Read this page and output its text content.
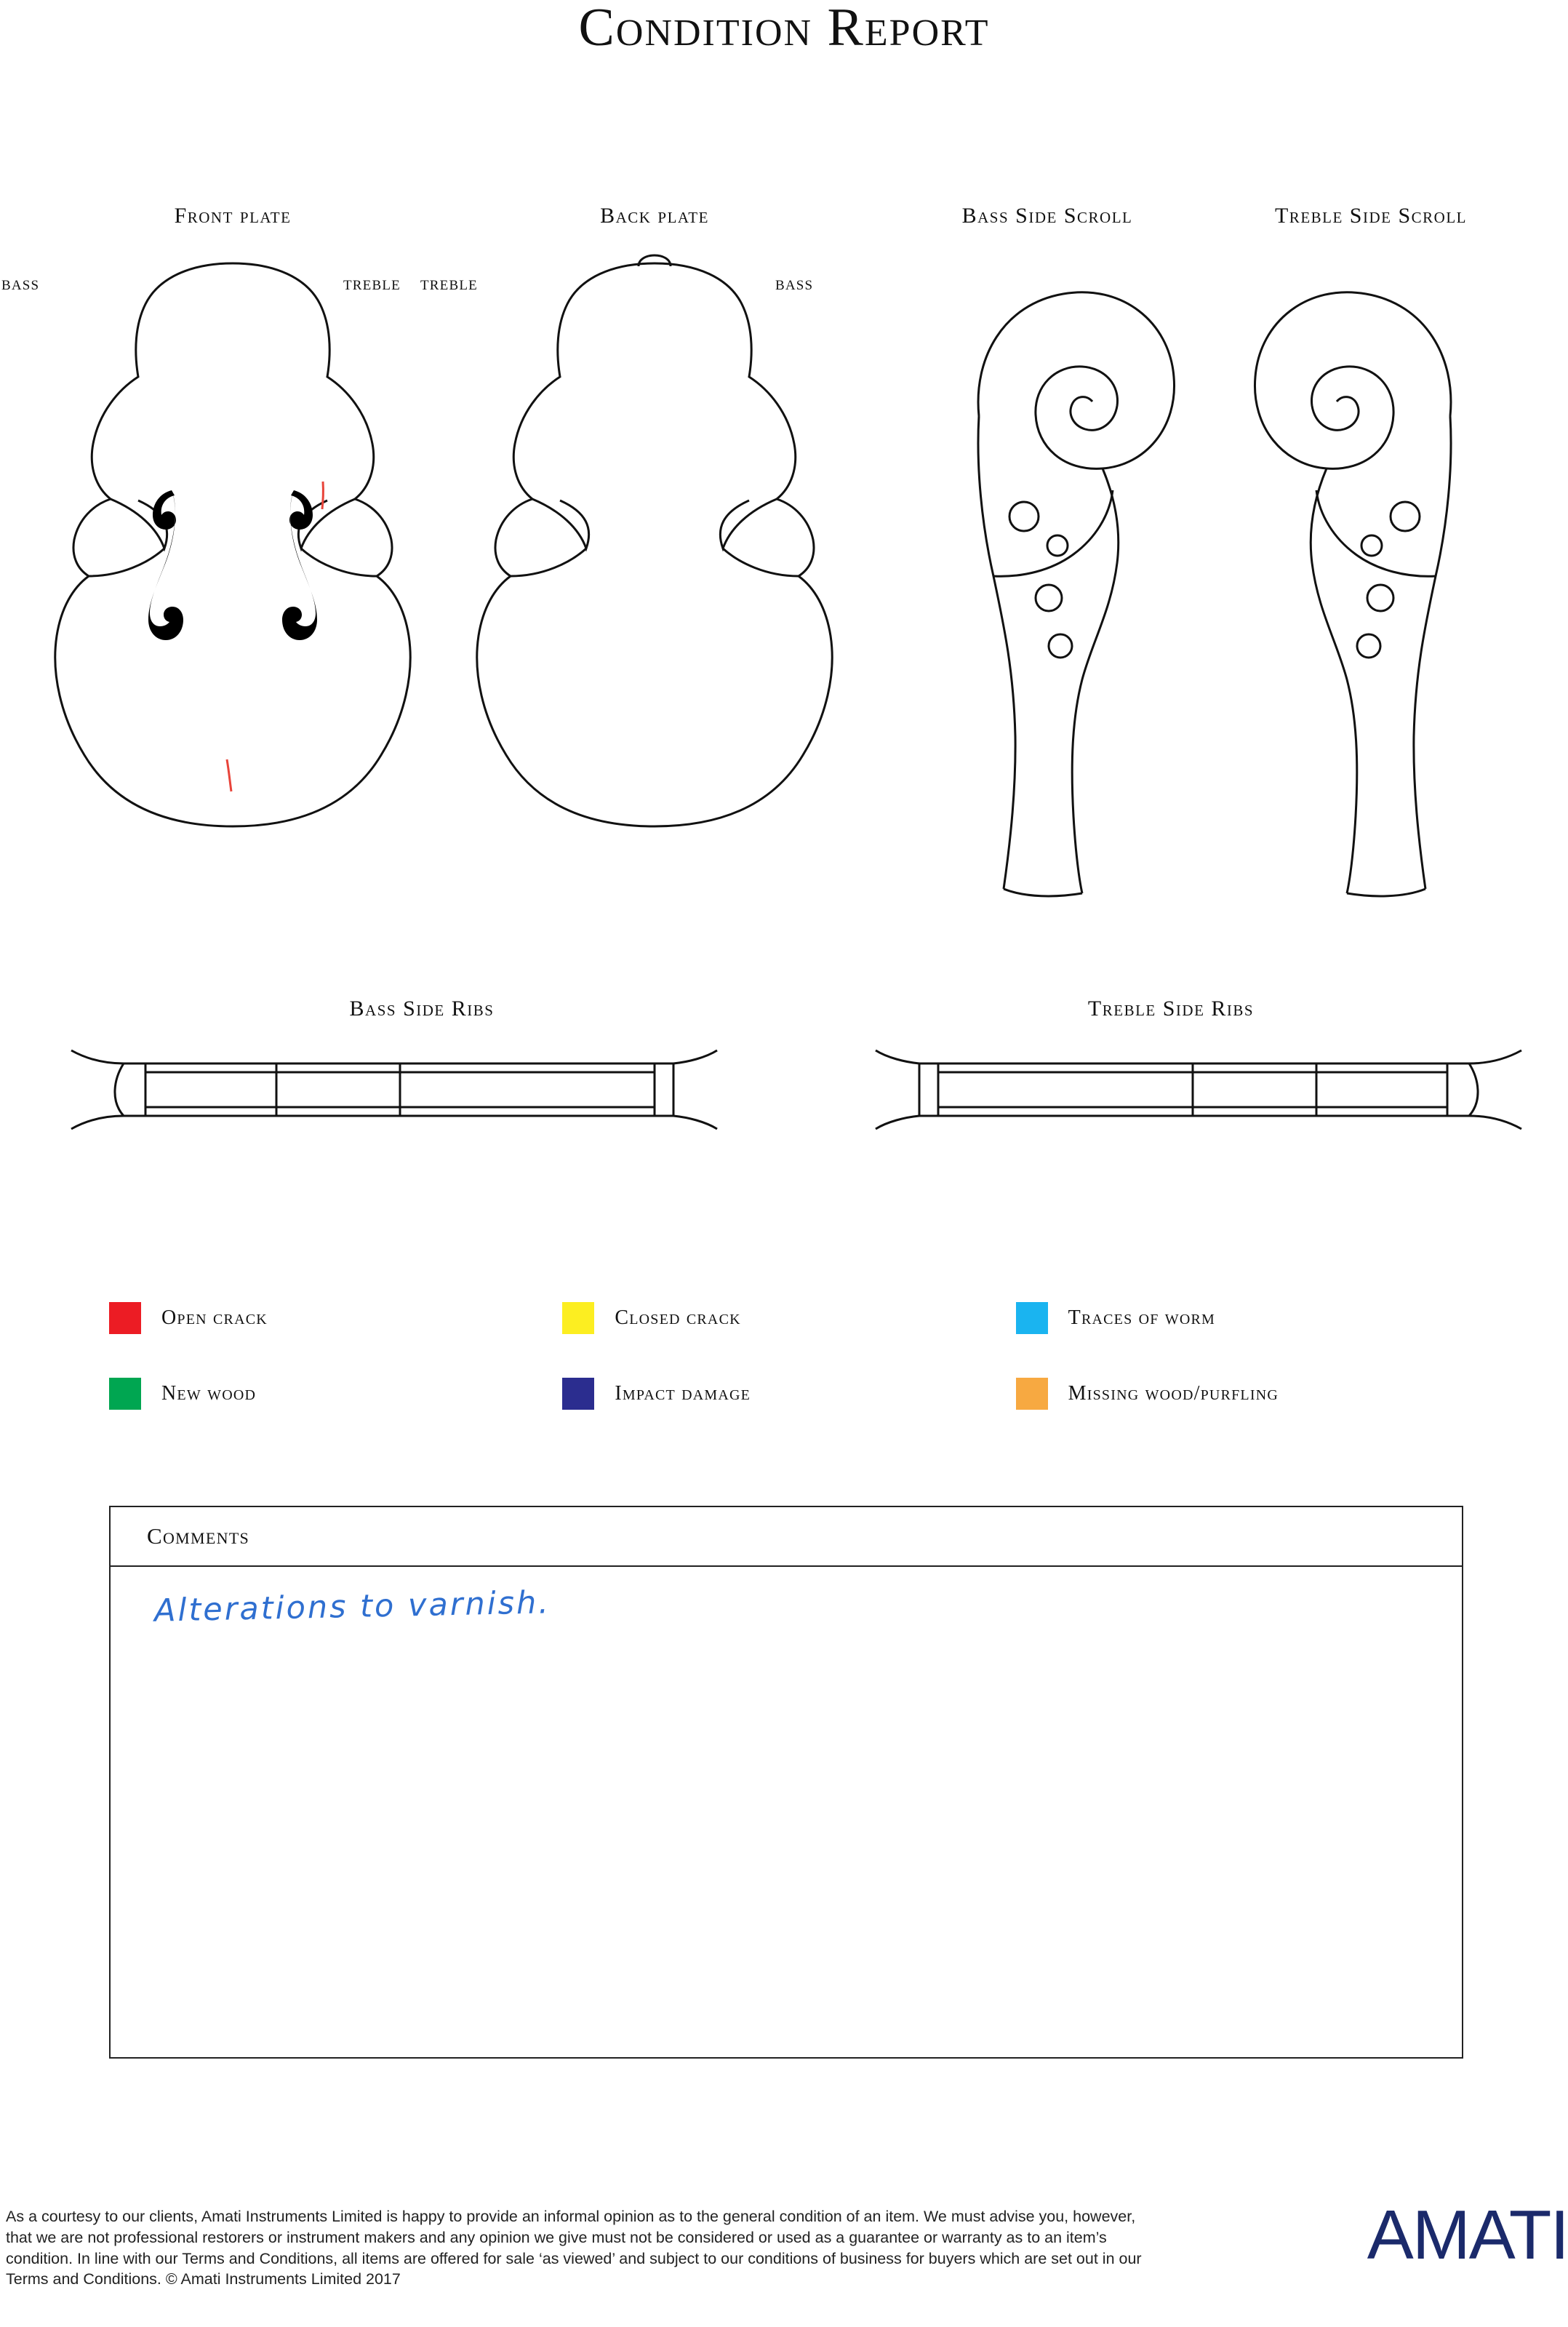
Condition Report
Front plate
BASS	TREBLE
Back plate
TREBLE	BASS
Bass Side Scroll	Treble Side Scroll
Bass Side Ribs	Treble Side Ribs
Open crack	Closed crack	Traces of worm
New wood	Impact damage	Missing wood/purfling
Comments
Alterations to varnish.
As a courtesy to our clients, Amati Instruments Limited is happy to provide an informal opinion as to the general condition of an item. We must advise you, however, that we are not professional restorers or instrument makers and any opinion we give must not be considered or used as a guarantee or warranty as to an item’s condition. In line with our Terms and Conditions, all items are offered for sale ‘as viewed’ and subject to our conditions of business for buyers which are set out in our Terms and Conditions. © Amati Instruments Limited 2017
AMATI
